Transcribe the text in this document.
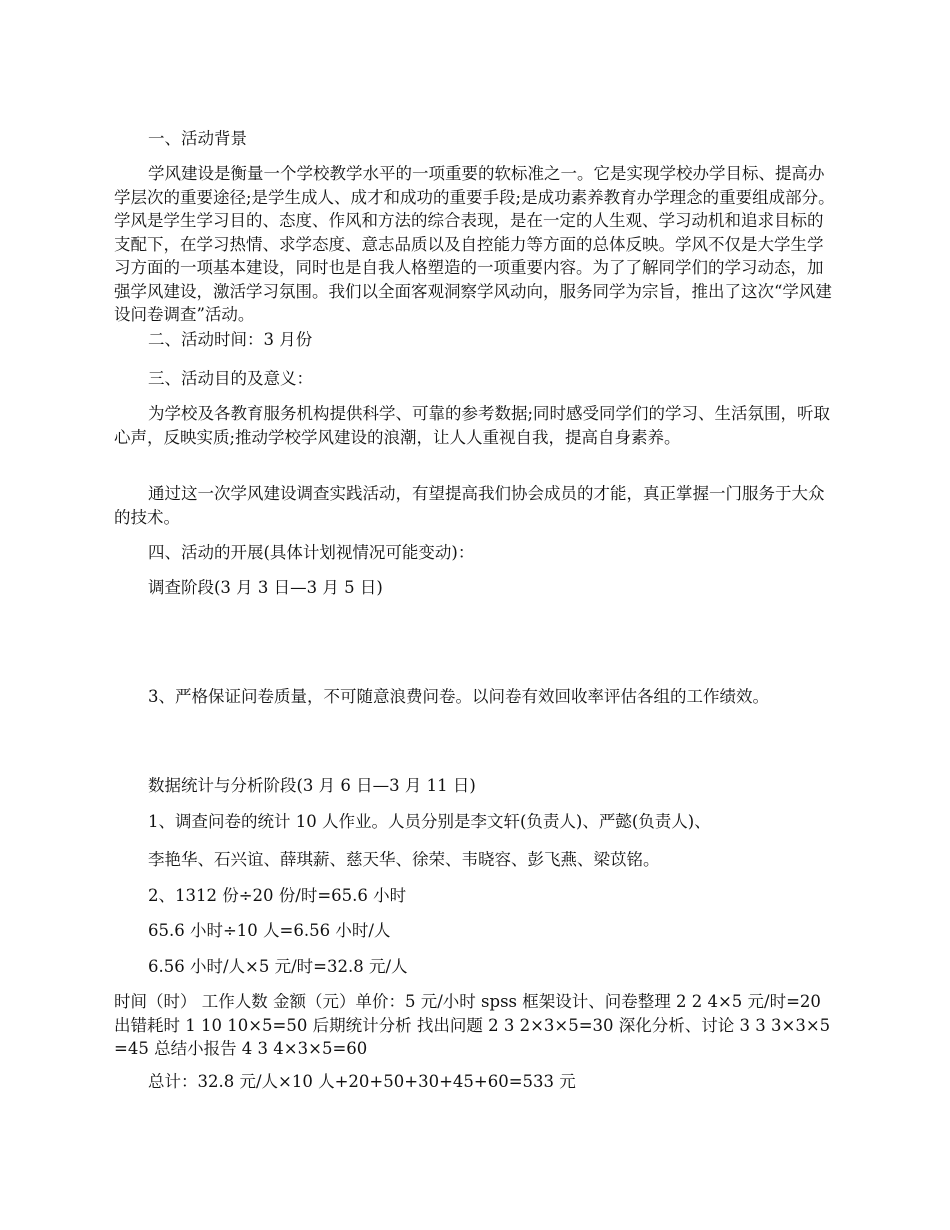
一、活动背景

学风建设是衡量一个学校教学水平的一项重要的软标准之一。它是实现学校办学目标、提高办学层次的重要途径;是学生成人、成才和成功的重要手段;是成功素养教育办学理念的重要组成部分。学风是学生学习目的、态度、作风和方法的综合表现，是在一定的人生观、学习动机和追求目标的支配下，在学习热情、求学态度、意志品质以及自控能力等方面的总体反映。学风不仅是大学生学习方面的一项基本建设，同时也是自我人格塑造的一项重要内容。为了了解同学们的学习动态，加强学风建设，激活学习氛围。我们以全面客观洞察学风动向，服务同学为宗旨，推出了这次“学风建设问卷调查”活动。

二、活动时间：3 月份

三、活动目的及意义：

为学校及各教育服务机构提供科学、可靠的参考数据;同时感受同学们的学习、生活氛围，听取心声，反映实质;推动学校学风建设的浪潮，让人人重视自我，提高自身素养。

通过这一次学风建设调查实践活动，有望提高我们协会成员的才能，真正掌握一门服务于大众的技术。

四、活动的开展(具体计划视情况可能变动)：

调查阶段(3 月 3 日—3 月 5 日)

3、严格保证问卷质量，不可随意浪费问卷。以问卷有效回收率评估各组的工作绩效。

数据统计与分析阶段(3 月 6 日—3 月 11 日)

1、调查问卷的统计 10 人作业。人员分别是李文轩(负责人)、严懿(负责人)、

李艳华、石兴谊、薛琪薪、慈天华、徐荣、韦晓容、彭飞燕、梁苡铭。

2、1312 份÷20 份/时=65.6 小时

65.6 小时÷10 人=6.56 小时/人

6.56 小时/人×5 元/时=32.8 元/人

时间（时） 工作人数 金额（元）单价：5 元/小时 spss 框架设计、问卷整理 2 2 4×5 元/时=20 出错耗时 1 10 10×5=50 后期统计分析 找出问题 2 3 2×3×5=30 深化分析、讨论 3 3 3×3×5=45 总结小报告 4 3 4×3×5=60

总计：32.8 元/人×10 人+20+50+30+45+60=533 元
